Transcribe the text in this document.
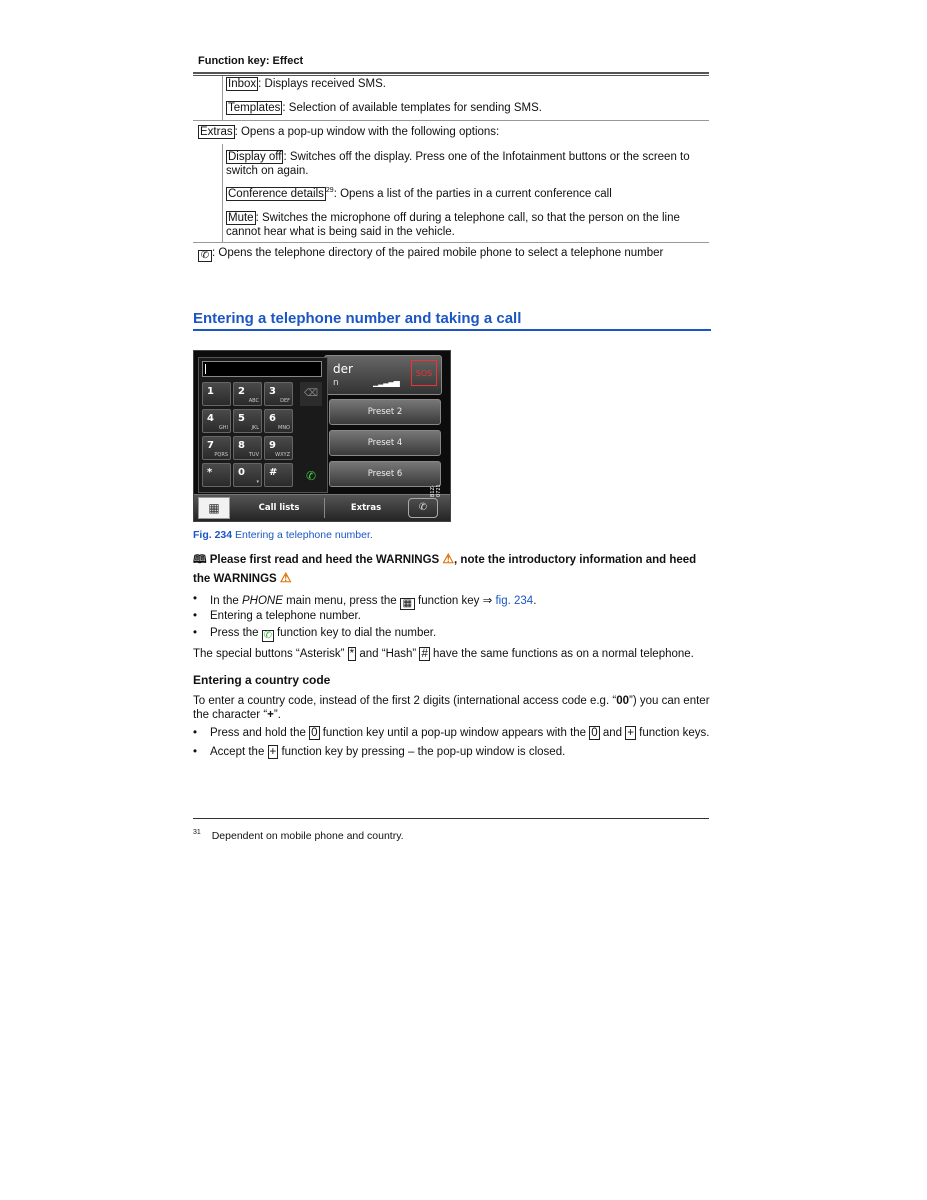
Function key: Effect
Inbox : Displays received SMS.
Templates : Selection of available templates for sending SMS.
Extras : Opens a pop-up window with the following options:
Display off : Switches off the display. Press one of the Infotainment buttons or the screen to
switch on again.
Conference details $^{29}$: Opens a list of the parties in a current conference call
Mute : Switches the microphone off during a telephone call, so that the person on the line
cannot hear what is being said in the vehicle.
✆ : Opens the telephone directory of the paired mobile phone to select a telephone number
Entering a telephone number and taking a call
der
n	▁▂▃▄▅
SOS
Preset 2
Preset 4
Preset 6
⌫
✆
1 2
ABC
3
DEF
4
GHI
5
JKL
6
MNO
7
PQRS
8
TUV
9
WXYZ
*	0
▾
#
▦	Call lists	Extras	✆
B1Z-0721
Fig. 234 Entering a telephone number.
🕮 Please first read and heed the WARNINGS ⚠, note the introductory information and heed
the WARNINGS ⚠
• In the PHONE main menu, press the ▦ function key ⇒ fig. 234.
• Entering a telephone number.
• Press the ✆ function key to dial the number.
The special buttons “Asterisk” * and “Hash” # have the same functions as on a normal telephone.
Entering a country code
To enter a country code, instead of the first 2 digits (international access code e.g. “00”) you can enter
the character “+”.
• Press and hold the 0 function key until a pop-up window appears with the 0 and + function keys.
• Accept the + function key by pressing – the pop-up window is closed.
$^{31}$ Dependent on mobile phone and country.
